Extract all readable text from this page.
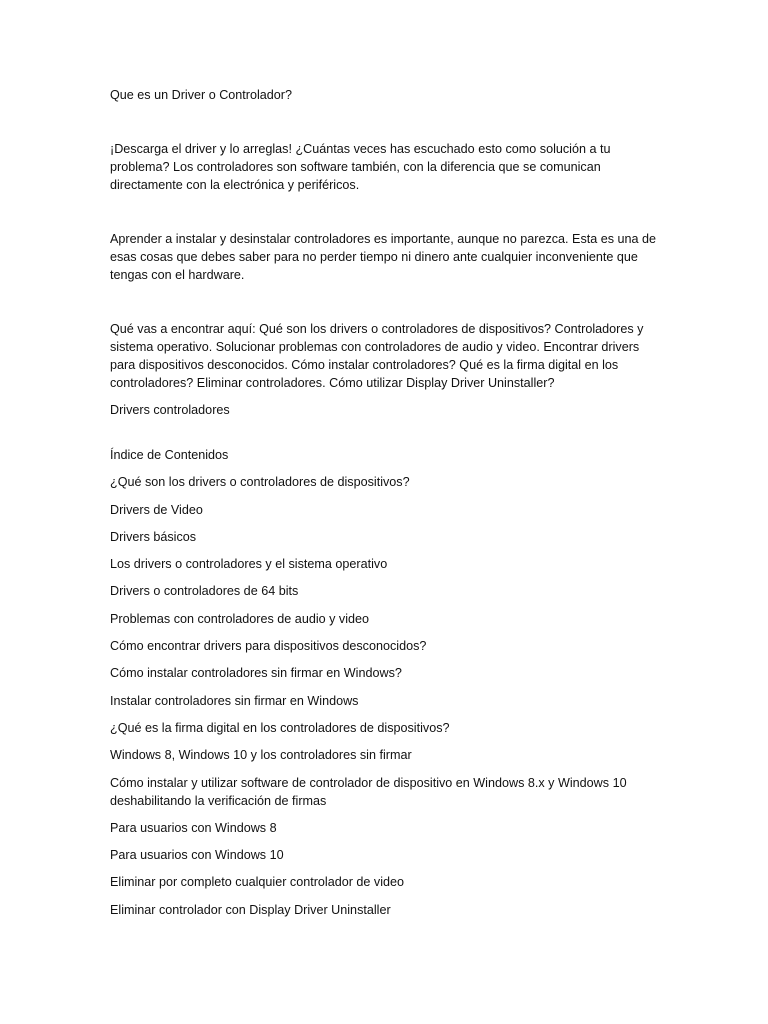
Que es un Driver o Controlador?

¡Descarga el driver y lo arreglas! ¿Cuántas veces has escuchado esto como solución a tu problema? Los controladores son software también, con la diferencia que se comunican directamente con la electrónica y periféricos.

Aprender a instalar y desinstalar controladores es importante, aunque no parezca. Esta es una de esas cosas que debes saber para no perder tiempo ni dinero ante cualquier inconveniente que tengas con el hardware.

Qué vas a encontrar aquí: Qué son los drivers o controladores de dispositivos? Controladores y sistema operativo. Solucionar problemas con controladores de audio y video. Encontrar drivers para dispositivos desconocidos. Cómo instalar controladores? Qué es la firma digital en los controladores? Eliminar controladores. Cómo utilizar Display Driver Uninstaller?

Drivers controladores

Índice de Contenidos

¿Qué son los drivers o controladores de dispositivos?

Drivers de Video

Drivers básicos

Los drivers o controladores y el sistema operativo

Drivers o controladores de 64 bits

Problemas con controladores de audio y video

Cómo encontrar drivers para dispositivos desconocidos?

Cómo instalar controladores sin firmar en Windows?

Instalar controladores sin firmar en Windows

¿Qué es la firma digital en los controladores de dispositivos?

Windows 8, Windows 10 y los controladores sin firmar

Cómo instalar y utilizar software de controlador de dispositivo en Windows 8.x y Windows 10 deshabilitando la verificación de firmas

Para usuarios con Windows 8

Para usuarios con Windows 10

Eliminar por completo cualquier controlador de video

Eliminar controlador con Display Driver Uninstaller
